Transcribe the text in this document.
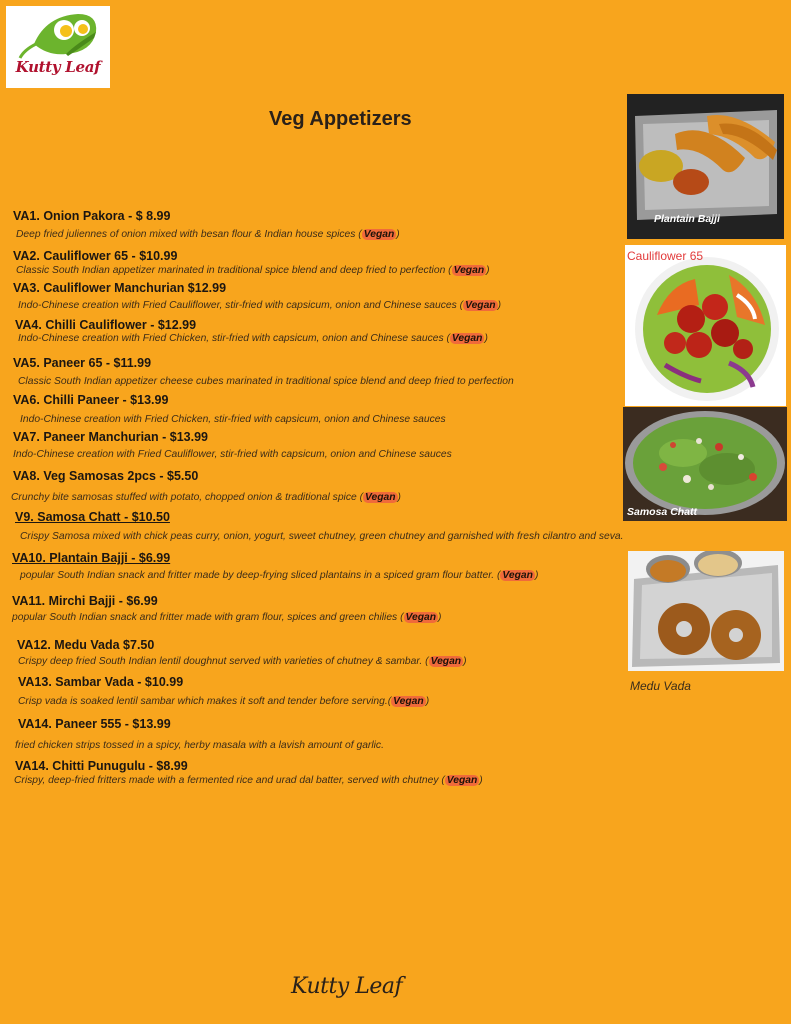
Kutty Leaf
Veg Appetizers
VA1. Onion Pakora - $ 8.99
Deep fried juliennes of onion mixed with besan flour & Indian house spices ( Vegan )
VA2. Cauliflower 65 - $10.99
Classic South Indian appetizer marinated in traditional spice blend and deep fried to perfection ( Vegan )
VA3. Cauliflower Manchurian $12.99
Indo-Chinese creation with Fried Cauliflower, stir-fried with capsicum, onion and Chinese sauces ( Vegan )
VA4. Chilli Cauliflower - $12.99
Indo-Chinese creation with Fried Chicken, stir-fried with capsicum, onion and Chinese sauces ( Vegan )
VA5. Paneer 65 - $11.99
Classic South Indian appetizer cheese cubes marinated in traditional spice blend and deep fried to perfection
VA6. Chilli Paneer - $13.99
Indo-Chinese creation with Fried Chicken, stir-fried with capsicum, onion and Chinese sauces
VA7. Paneer Manchurian - $13.99
Indo-Chinese creation with Fried Cauliflower, stir-fried with capsicum, onion and Chinese sauces
VA8. Veg Samosas 2pcs - $5.50
Crunchy bite samosas stuffed with potato, chopped onion & traditional spice ( Vegan )
V9. Samosa Chatt - $10.50
Crispy Samosa mixed with chick peas curry, onion, yogurt, sweet chutney, green chutney and garnished with fresh cilantro and seva.
VA10. Plantain Bajji - $6.99
popular South Indian snack and fritter made by deep-frying sliced plantains in a spiced gram flour batter. ( Vegan )
VA11. Mirchi Bajji - $6.99
popular South Indian snack and fritter made with gram flour, spices and green chilies ( Vegan )
VA12. Medu Vada $7.50
Crispy deep fried South Indian lentil doughnut served with varieties of chutney & sambar. ( Vegan )
VA13. Sambar Vada - $10.99
Crisp vada is soaked lentil sambar which makes it soft and tender before serving.( Vegan )
VA14. Paneer 555 - $13.99
fried chicken strips tossed in a spicy, herby masala with a lavish amount of garlic.
VA14. Chitti Punugulu - $8.99
Crispy, deep-fried fritters made with a fermented rice and urad dal batter, served with chutney ( Vegan )
Plantain Bajji
Cauliflower 65
Samosa Chatt
Medu Vada
Kutty Leaf
